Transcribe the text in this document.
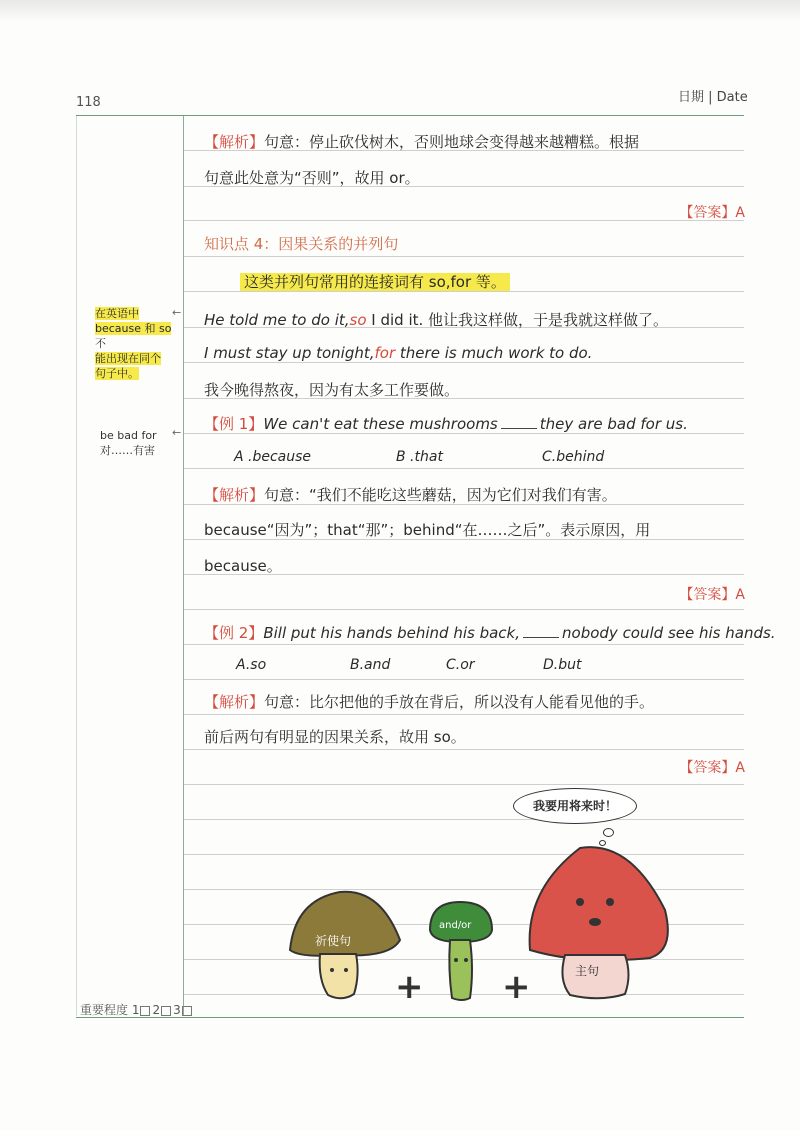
118	日期 | Date
【解析】句意：停止砍伐树木，否则地球会变得越来越糟糕。根据
句意此处意为“否则”，故用 or。
【答案】A
知识点 4：因果关系的并列句
这类并列句常用的连接词有 so,for 等。
He told me to do it,so I did it. 他让我这样做，于是我就这样做了。
I must stay up tonight,for there is much work to do.
我今晚得熬夜，因为有太多工作要做。
【例 1】We can't eat these mushrooms	they are bad for us.
A .because	B .that	C.behind
【解析】句意：“我们不能吃这些蘑菇，因为它们对我们有害。
because“因为”；that“那”；behind“在……之后”。表示原因，用
because。
【答案】A
【例 2】Bill put his hands behind his back,	nobody could see his hands.
A.so	B.and	C.or	D.but
【解析】句意：比尔把他的手放在背后，所以没有人能看见他的手。
前后两句有明显的因果关系，故用 so。
【答案】A
在英语中
because 和 so 不
能出现在同个
句子中。
←
be bad for
对……有害
←
我要用将来时！
祈使句
+
and/or
+	主句
重要程度 1 2 3
